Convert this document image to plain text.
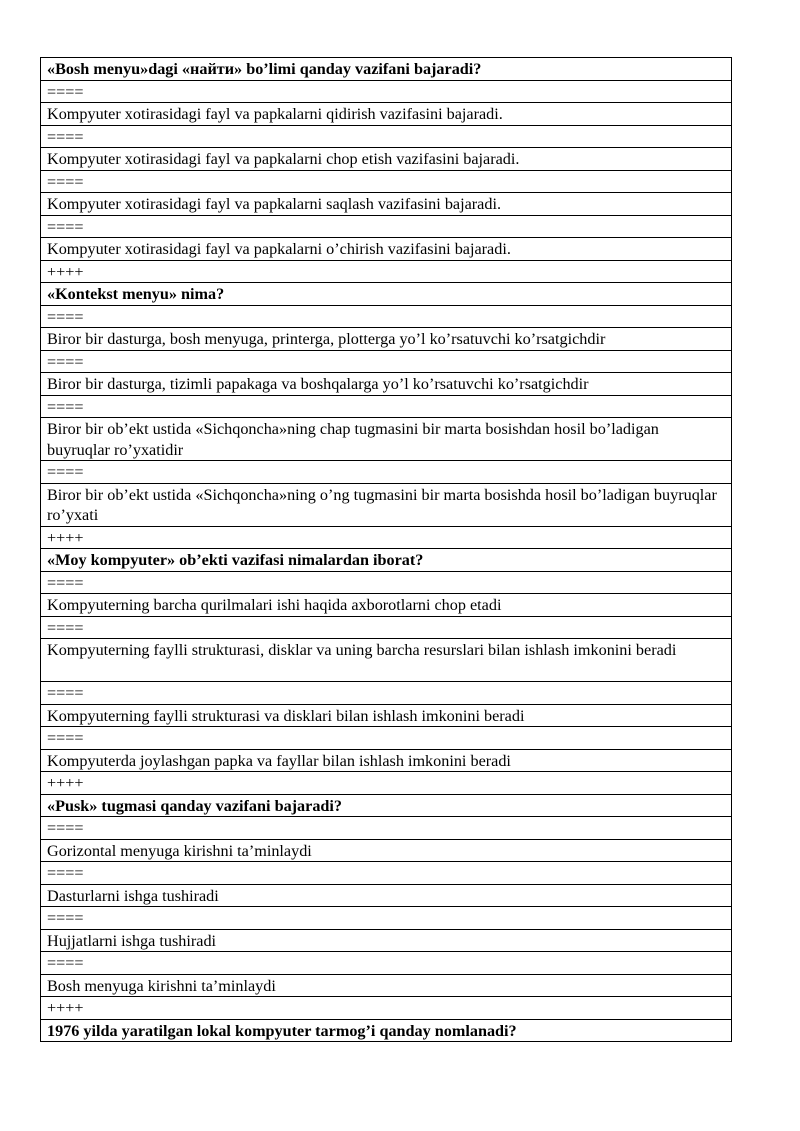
«Bosh menyu»dagi «найти» bo’limi qanday vazifani bajaradi?
====
Kompyuter xotirasidagi fayl va papkalarni qidirish vazifasini bajaradi.
====
Kompyuter xotirasidagi fayl va papkalarni chop etish vazifasini bajaradi.
====
Kompyuter xotirasidagi fayl va papkalarni saqlash vazifasini bajaradi.
====
Kompyuter xotirasidagi fayl va papkalarni o’chirish vazifasini bajaradi.
++++
«Kontekst menyu» nima?
====
Biror bir dasturga, bosh menyuga, printerga, plotterga yo’l ko’rsatuvchi ko’rsatgichdir
====
Biror bir dasturga, tizimli papakaga va boshqalarga yo’l ko’rsatuvchi ko’rsatgichdir
====
Biror bir ob’ekt ustida «Sichqoncha»ning chap tugmasini bir marta bosishdan hosil bo’ladigan buyruqlar ro’yxatidir
====
Biror bir ob’ekt ustida «Sichqoncha»ning o’ng tugmasini bir marta bosishda hosil bo’ladigan buyruqlar ro’yxati
++++
«Moy kompyuter» ob’ekti vazifasi nimalardan iborat?
====
Kompyuterning barcha qurilmalari ishi haqida axborotlarni chop etadi
====
Kompyuterning faylli strukturasi, disklar va uning barcha resurslari bilan ishlash imkonini beradi
====
Kompyuterning faylli strukturasi va disklari bilan ishlash imkonini beradi
====
Kompyuterda joylashgan papka va fayllar bilan ishlash imkonini beradi
++++
«Pusk» tugmasi qanday vazifani bajaradi?
====
Gorizontal menyuga kirishni ta’minlaydi
====
Dasturlarni ishga tushiradi
====
Hujjatlarni ishga tushiradi
====
Bosh menyuga kirishni ta’minlaydi
++++
1976 yilda yaratilgan lokal kompyuter tarmog’i qanday nomlanadi?
